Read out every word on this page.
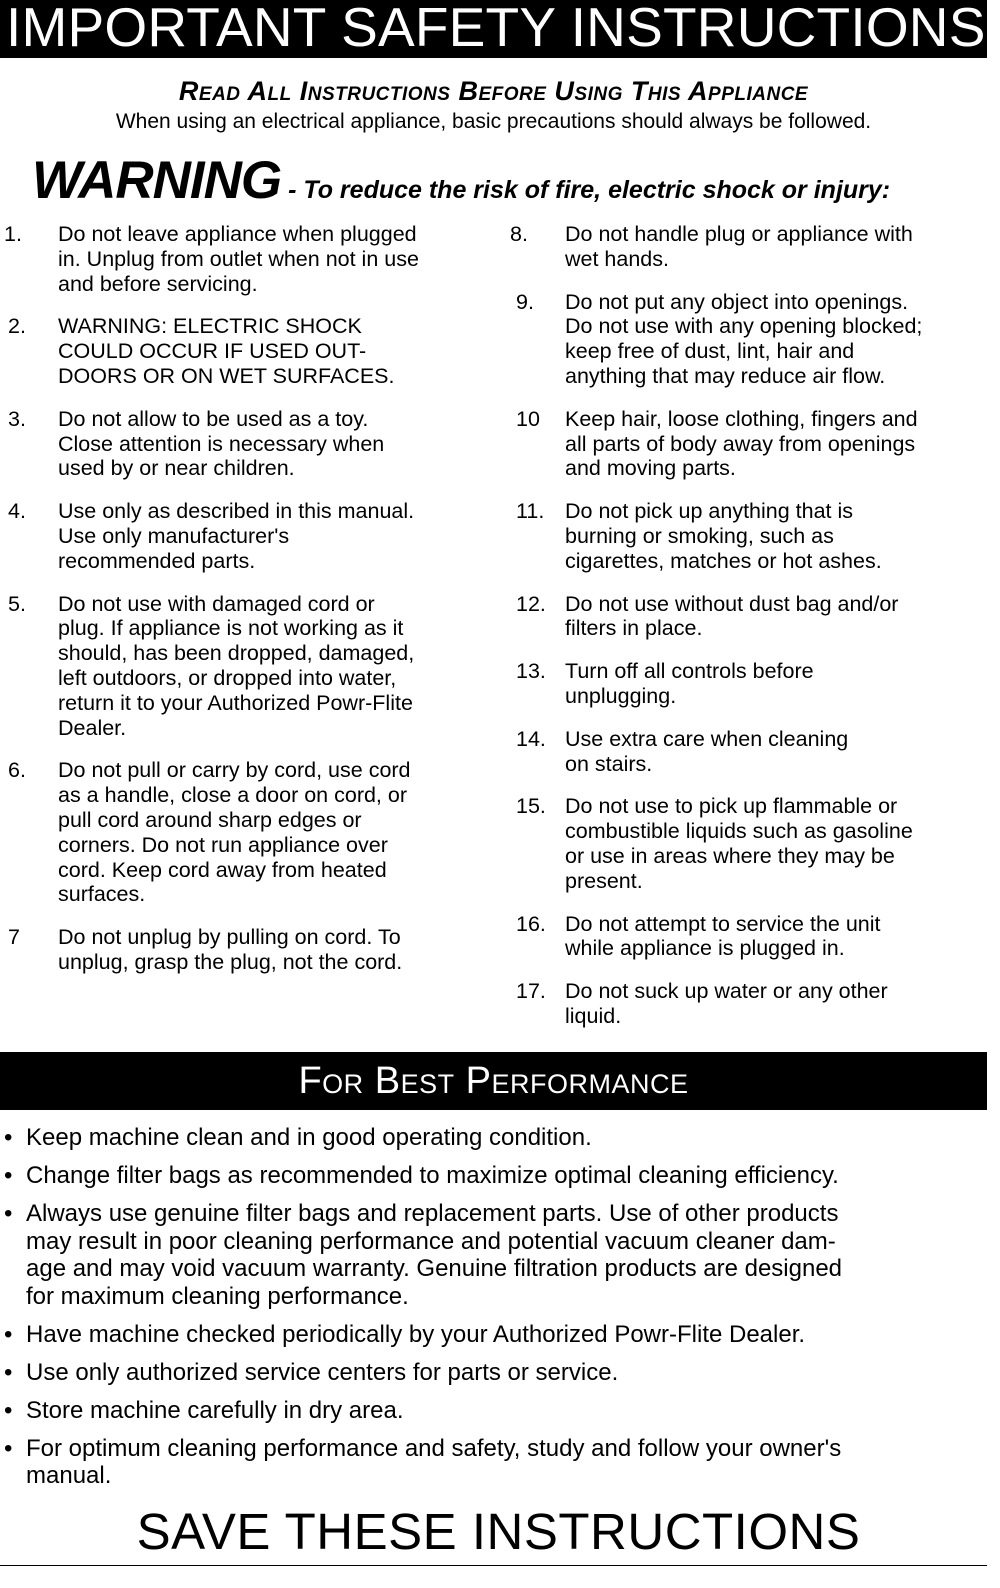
IMPORTANT SAFETY INSTRUCTIONS
Read All Instructions Before Using This Appliance
When using an electrical appliance, basic precautions should always be followed.
WARNING - To reduce the risk of fire, electric shock or injury:
1.	Do not leave appliance when plugged
in. Unplug from outlet when not in use
and before servicing.
2.	WARNING: ELECTRIC SHOCK
COULD OCCUR IF USED OUT-
DOORS OR ON WET SURFACES.
3.	Do not allow to be used as a toy.
Close attention is necessary when
used by or near children.
4.	Use only as described in this manual.
Use only manufacturer's
recommended parts.
5.	Do not use with damaged cord or
plug. If appliance is not working as it
should, has been dropped, damaged,
left outdoors, or dropped into water,
return it to your Authorized Powr-Flite
Dealer.
6.	Do not pull or carry by cord, use cord
as a handle, close a door on cord, or
pull cord around sharp edges or
corners. Do not run appliance over
cord. Keep cord away from heated
surfaces.
7	Do not unplug by pulling on cord. To
unplug, grasp the plug, not the cord.
8.	Do not handle plug or appliance with
wet hands.
9.	Do not put any object into openings.
Do not use with any opening blocked;
keep free of dust, lint, hair and
anything that may reduce air flow.
10	Keep hair, loose clothing, fingers and
all parts of body away from openings
and moving parts.
11. Do not pick up anything that is
burning or smoking, such as
cigarettes, matches or hot ashes.
12. Do not use without dust bag and/or
filters in place.
13. Turn off all controls before
unplugging.
14. Use extra care when cleaning
on stairs.
15. Do not use to pick up flammable or
combustible liquids such as gasoline
or use in areas where they may be
present.
16. Do not attempt to service the unit
while appliance is plugged in.
17. Do not suck up water or any other
liquid.
For Best Performance
• Keep machine clean and in good operating condition.
• Change filter bags as recommended to maximize optimal cleaning efficiency.
• Always use genuine filter bags and replacement parts. Use of other products
may result in poor cleaning performance and potential vacuum cleaner dam-
age and may void vacuum warranty. Genuine filtration products are designed
for maximum cleaning performance.
• Have machine checked periodically by your Authorized Powr-Flite Dealer.
• Use only authorized service centers for parts or service.
• Store machine carefully in dry area.
• For optimum cleaning performance and safety, study and follow your owner's
manual.
SAVE THESE INSTRUCTIONS
